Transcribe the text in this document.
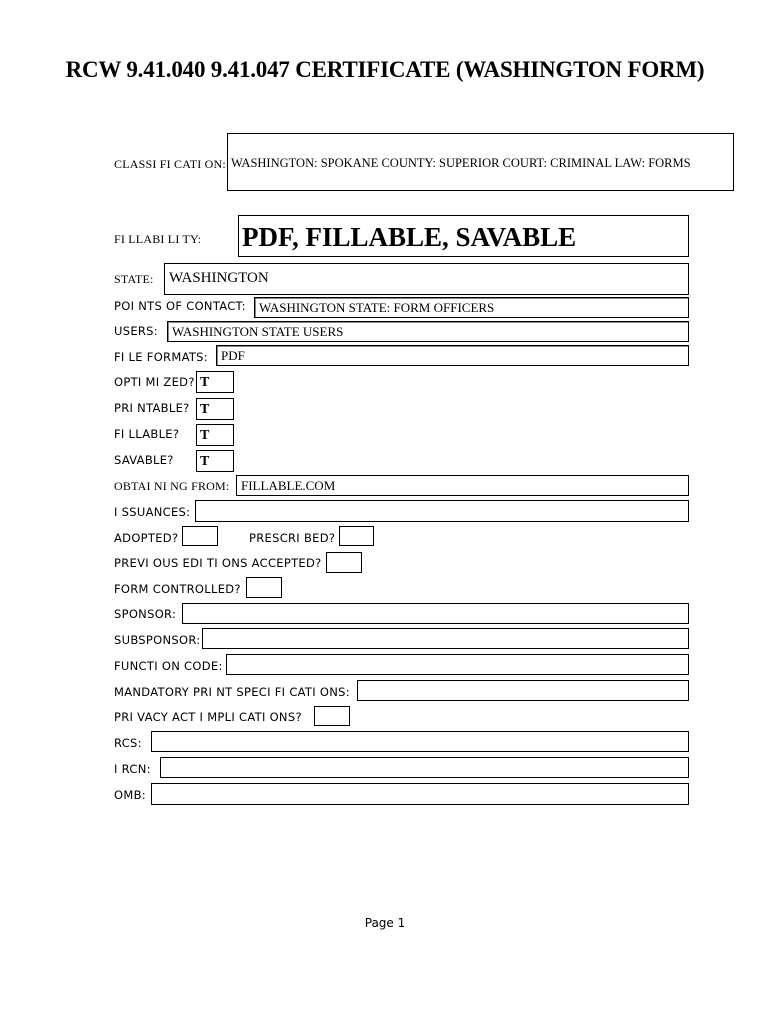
RCW 9.41.040 9.41.047 CERTIFICATE (WASHINGTON FORM)
CLASSI FI CATI ON: WASHINGTON: SPOKANE COUNTY: SUPERIOR COURT: CRIMINAL LAW: FORMS
FI LLABI LI TY: PDF, FILLABLE, SAVABLE
STATE:	WASHINGTON
POI NTS OF CONTACT:	WASHINGTON STATE: FORM OFFICERS
USERS:	WASHINGTON STATE USERS
FI LE FORMATS:	PDF
OPTI MI ZED? T
PRI NTABLE? T
FI LLABLE? T
SAVABLE? T
OBTAI NI NG FROM: FILLABLE.COM
I SSUANCES:
ADOPTED?	PRESCRI BED?
PREVI OUS EDI TI ONS ACCEPTED?
FORM CONTROLLED?
SPONSOR:
SUBSPONSOR:
FUNCTI ON CODE:
MANDATORY PRI NT SPECI FI CATI ONS:
PRI VACY ACT I MPLI CATI ONS?
RCS:
I RCN:
OMB:
Page 1
